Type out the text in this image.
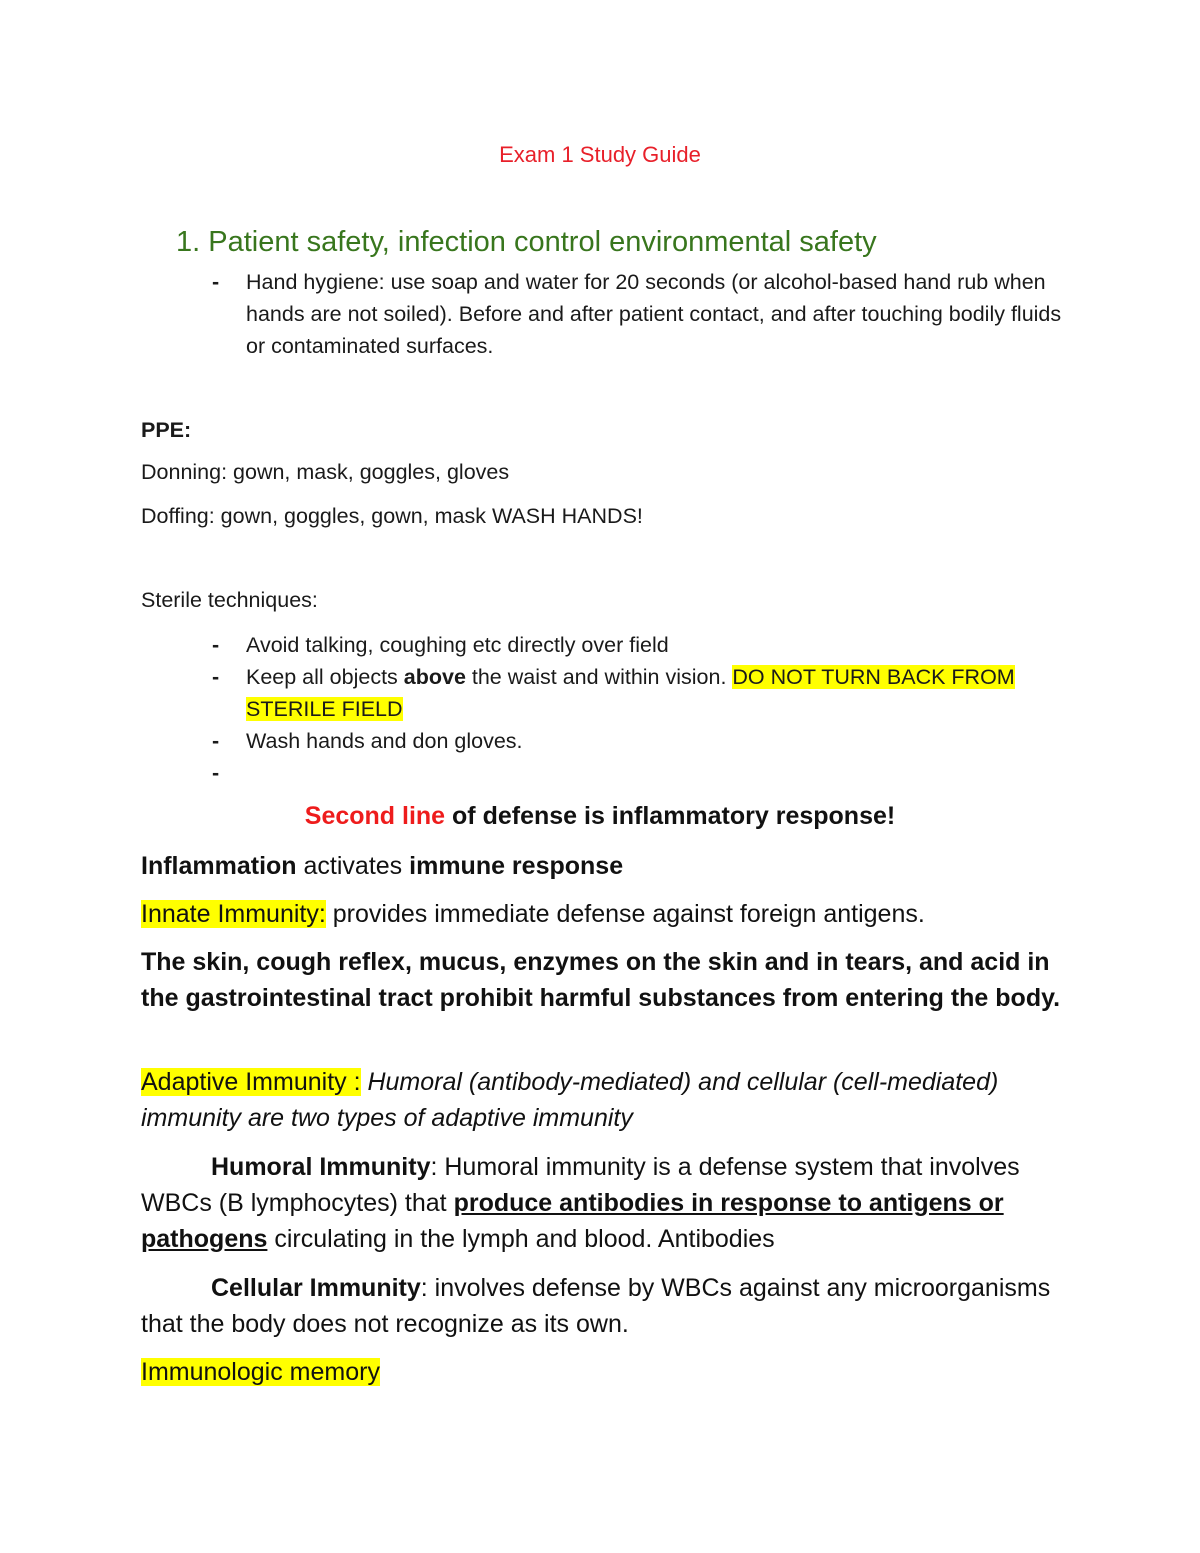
Exam 1 Study Guide
1. Patient safety, infection control environmental safety
- Hand hygiene: use soap and water for 20 seconds (or alcohol-based hand rub when hands are not soiled). Before and after patient contact, and after touching bodily fluids or contaminated surfaces.
PPE:
Donning: gown, mask, goggles, gloves
Doffing: gown, goggles, gown, mask WASH HANDS!
Sterile techniques:
- Avoid talking, coughing etc directly over field
- Keep all objects above the waist and within vision. DO NOT TURN BACK FROM STERILE FIELD
- Wash hands and don gloves.
-
Second line of defense is inflammatory response!
Inflammation activates immune response
Innate Immunity: provides immediate defense against foreign antigens.
The skin, cough reflex, mucus, enzymes on the skin and in tears, and acid in the gastrointestinal tract prohibit harmful substances from entering the body.
Adaptive Immunity : Humoral (antibody-mediated) and cellular (cell-mediated) immunity are two types of adaptive immunity
Humoral Immunity: Humoral immunity is a defense system that involves WBCs (B lymphocytes) that produce antibodies in response to antigens or pathogens circulating in the lymph and blood. Antibodies
Cellular Immunity: involves defense by WBCs against any microorganisms that the body does not recognize as its own.
Immunologic memory
